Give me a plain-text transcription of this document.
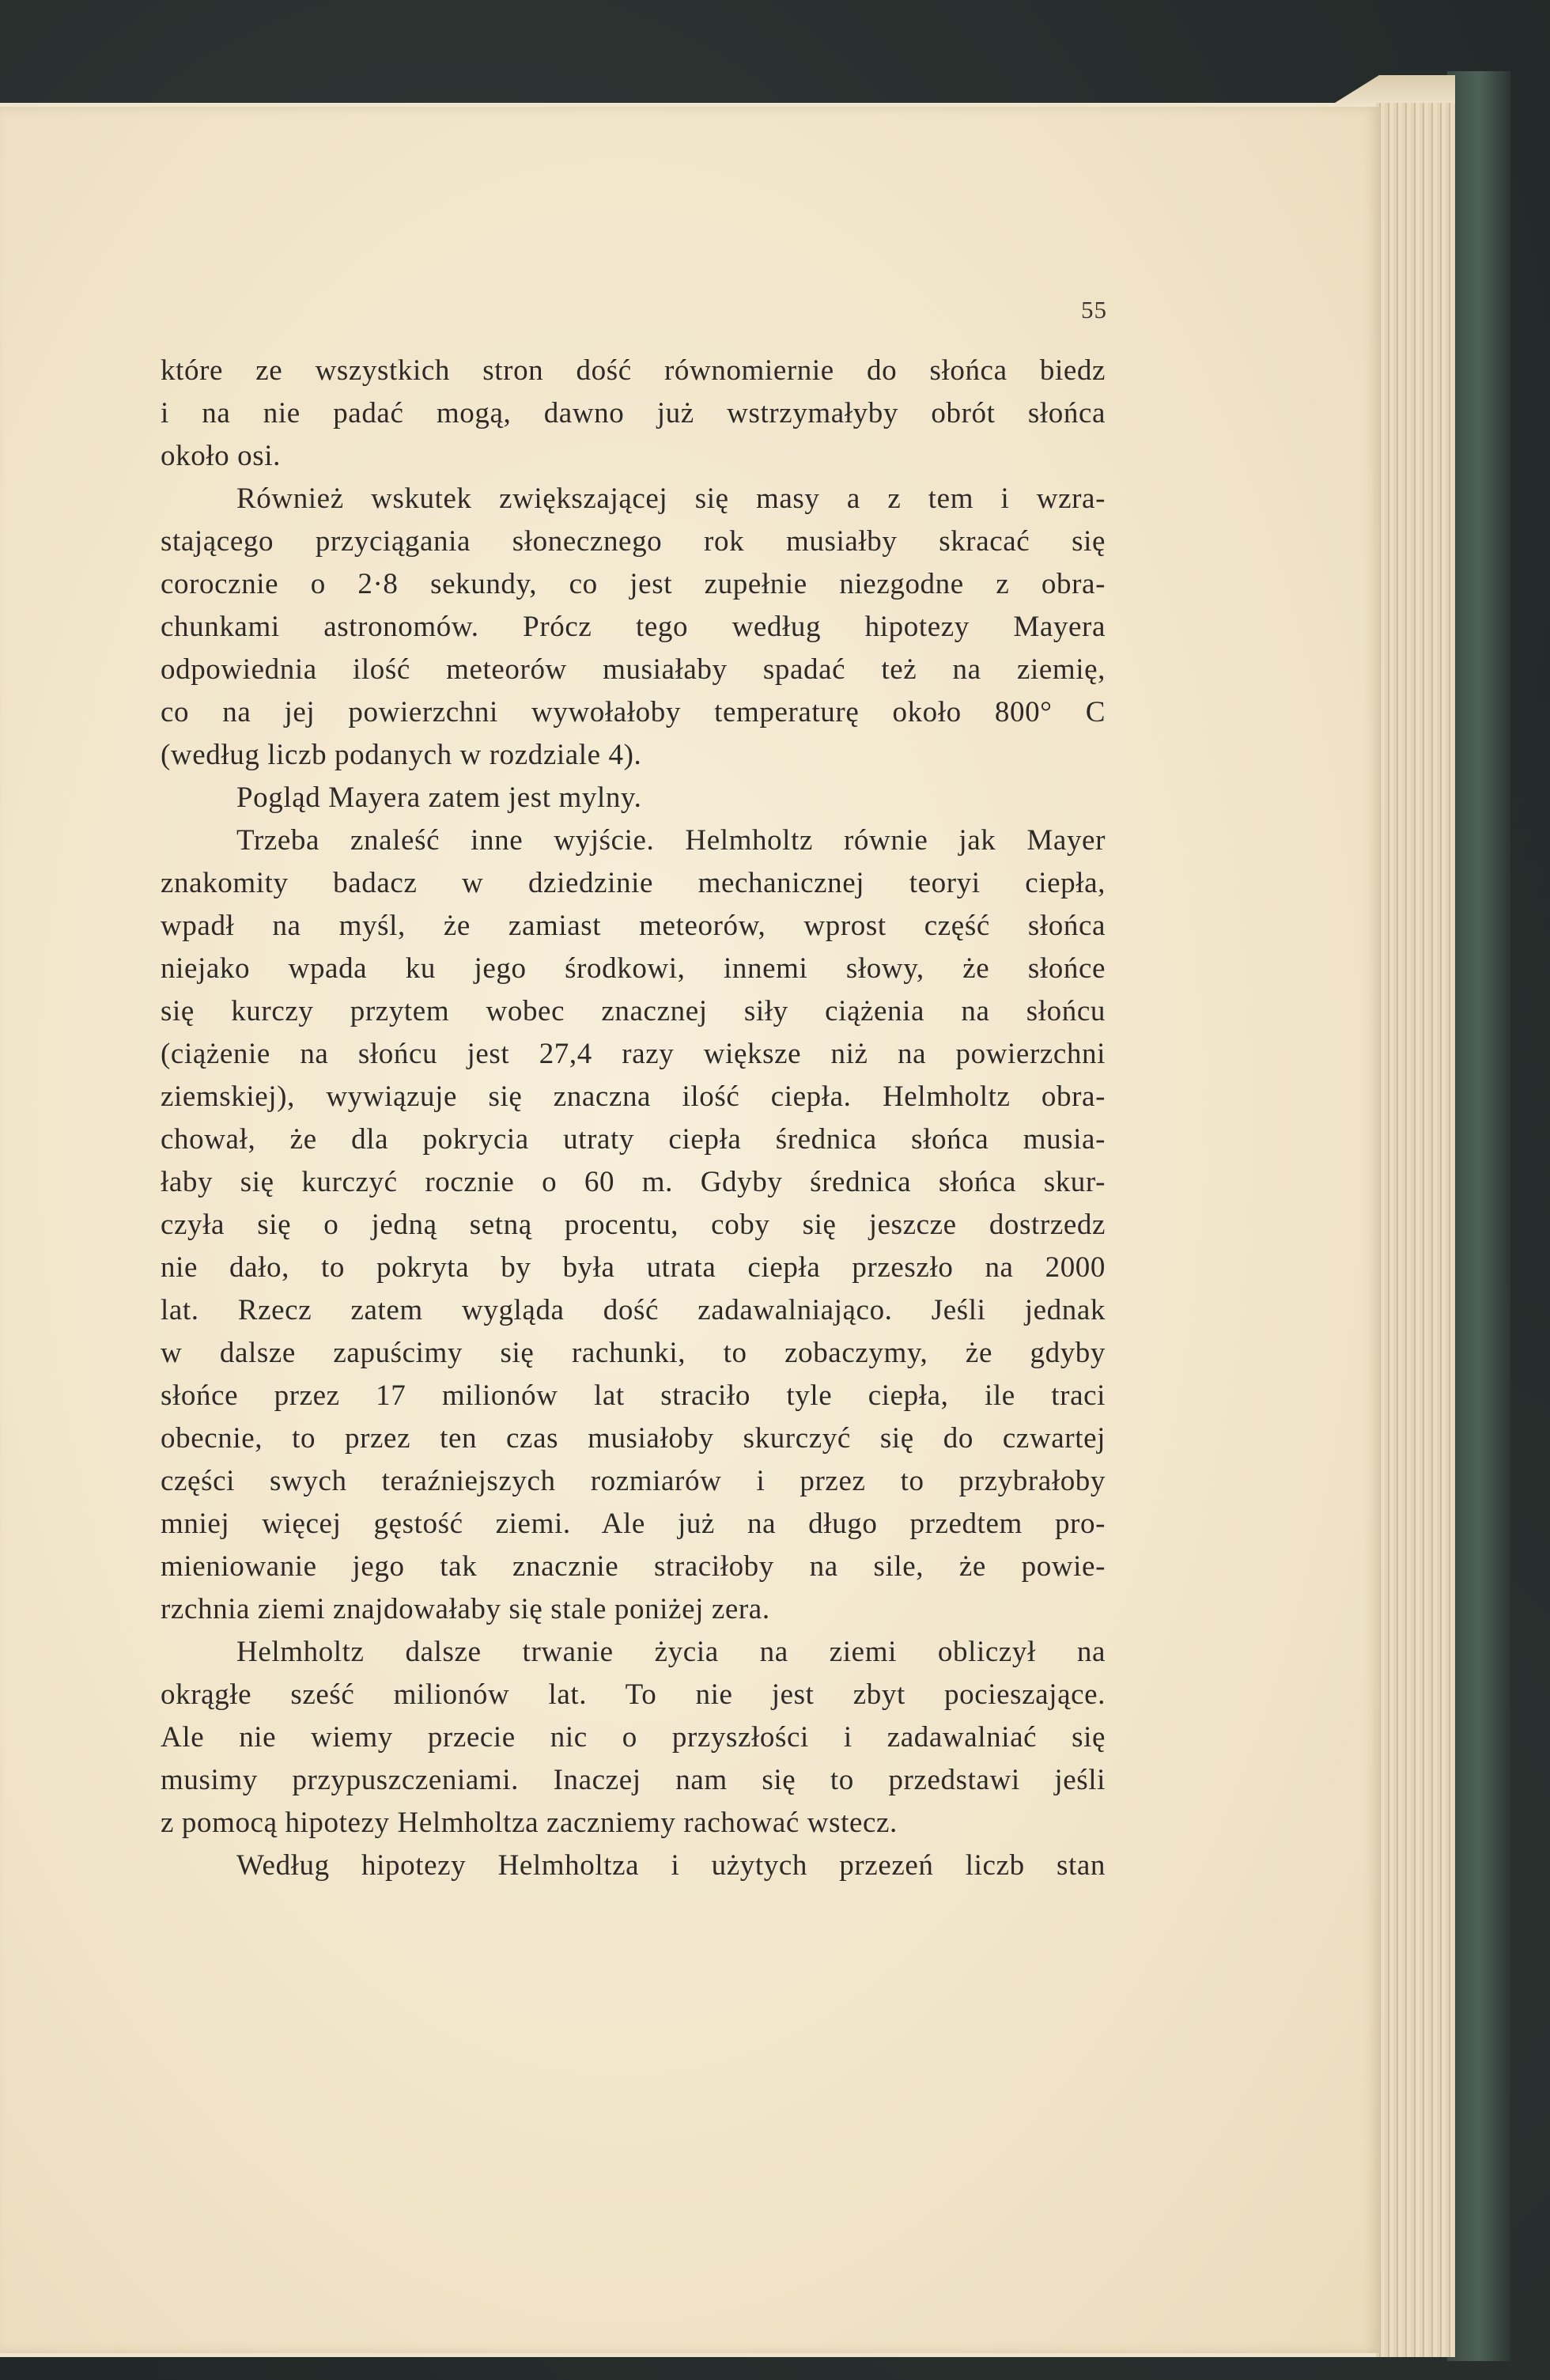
55
które ze wszystkich stron dość równomiernie do słońca biedz
i na nie padać mogą, dawno już wstrzymałyby obrót słońca
około osi.
Również wskutek zwiększającej się masy a z tem i wzra-
stającego przyciągania słonecznego rok musiałby skracać się
corocznie o 2·8 sekundy, co jest zupełnie niezgodne z obra-
chunkami astronomów. Prócz tego według hipotezy Mayera
odpowiednia ilość meteorów musiałaby spadać też na ziemię,
co na jej powierzchni wywołałoby temperaturę około 800° C
(według liczb podanych w rozdziale 4).
Pogląd Mayera zatem jest mylny.
Trzeba znaleść inne wyjście. Helmholtz równie jak Mayer
znakomity badacz w dziedzinie mechanicznej teoryi ciepła,
wpadł na myśl, że zamiast meteorów, wprost część słońca
niejako wpada ku jego środkowi, innemi słowy, że słońce
się kurczy przytem wobec znacznej siły ciążenia na słońcu
(ciążenie na słońcu jest 27,4 razy większe niż na powierzchni
ziemskiej), wywiązuje się znaczna ilość ciepła. Helmholtz obra-
chował, że dla pokrycia utraty ciepła średnica słońca musia-
łaby się kurczyć rocznie o 60 m. Gdyby średnica słońca skur-
czyła się o jedną setną procentu, coby się jeszcze dostrzedz
nie dało, to pokryta by była utrata ciepła przeszło na 2000
lat. Rzecz zatem wygląda dość zadawalniająco. Jeśli jednak
w dalsze zapuścimy się rachunki, to zobaczymy, że gdyby
słońce przez 17 milionów lat straciło tyle ciepła, ile traci
obecnie, to przez ten czas musiałoby skurczyć się do czwartej
części swych teraźniejszych rozmiarów i przez to przybrałoby
mniej więcej gęstość ziemi. Ale już na długo przedtem pro-
mieniowanie jego tak znacznie straciłoby na sile, że powie-
rzchnia ziemi znajdowałaby się stale poniżej zera.
Helmholtz dalsze trwanie życia na ziemi obliczył na
okrągłe sześć milionów lat. To nie jest zbyt pocieszające.
Ale nie wiemy przecie nic o przyszłości i zadawalniać się
musimy przypuszczeniami. Inaczej nam się to przedstawi jeśli
z pomocą hipotezy Helmholtza zaczniemy rachować wstecz.
Według hipotezy Helmholtza i użytych przezeń liczb stan
